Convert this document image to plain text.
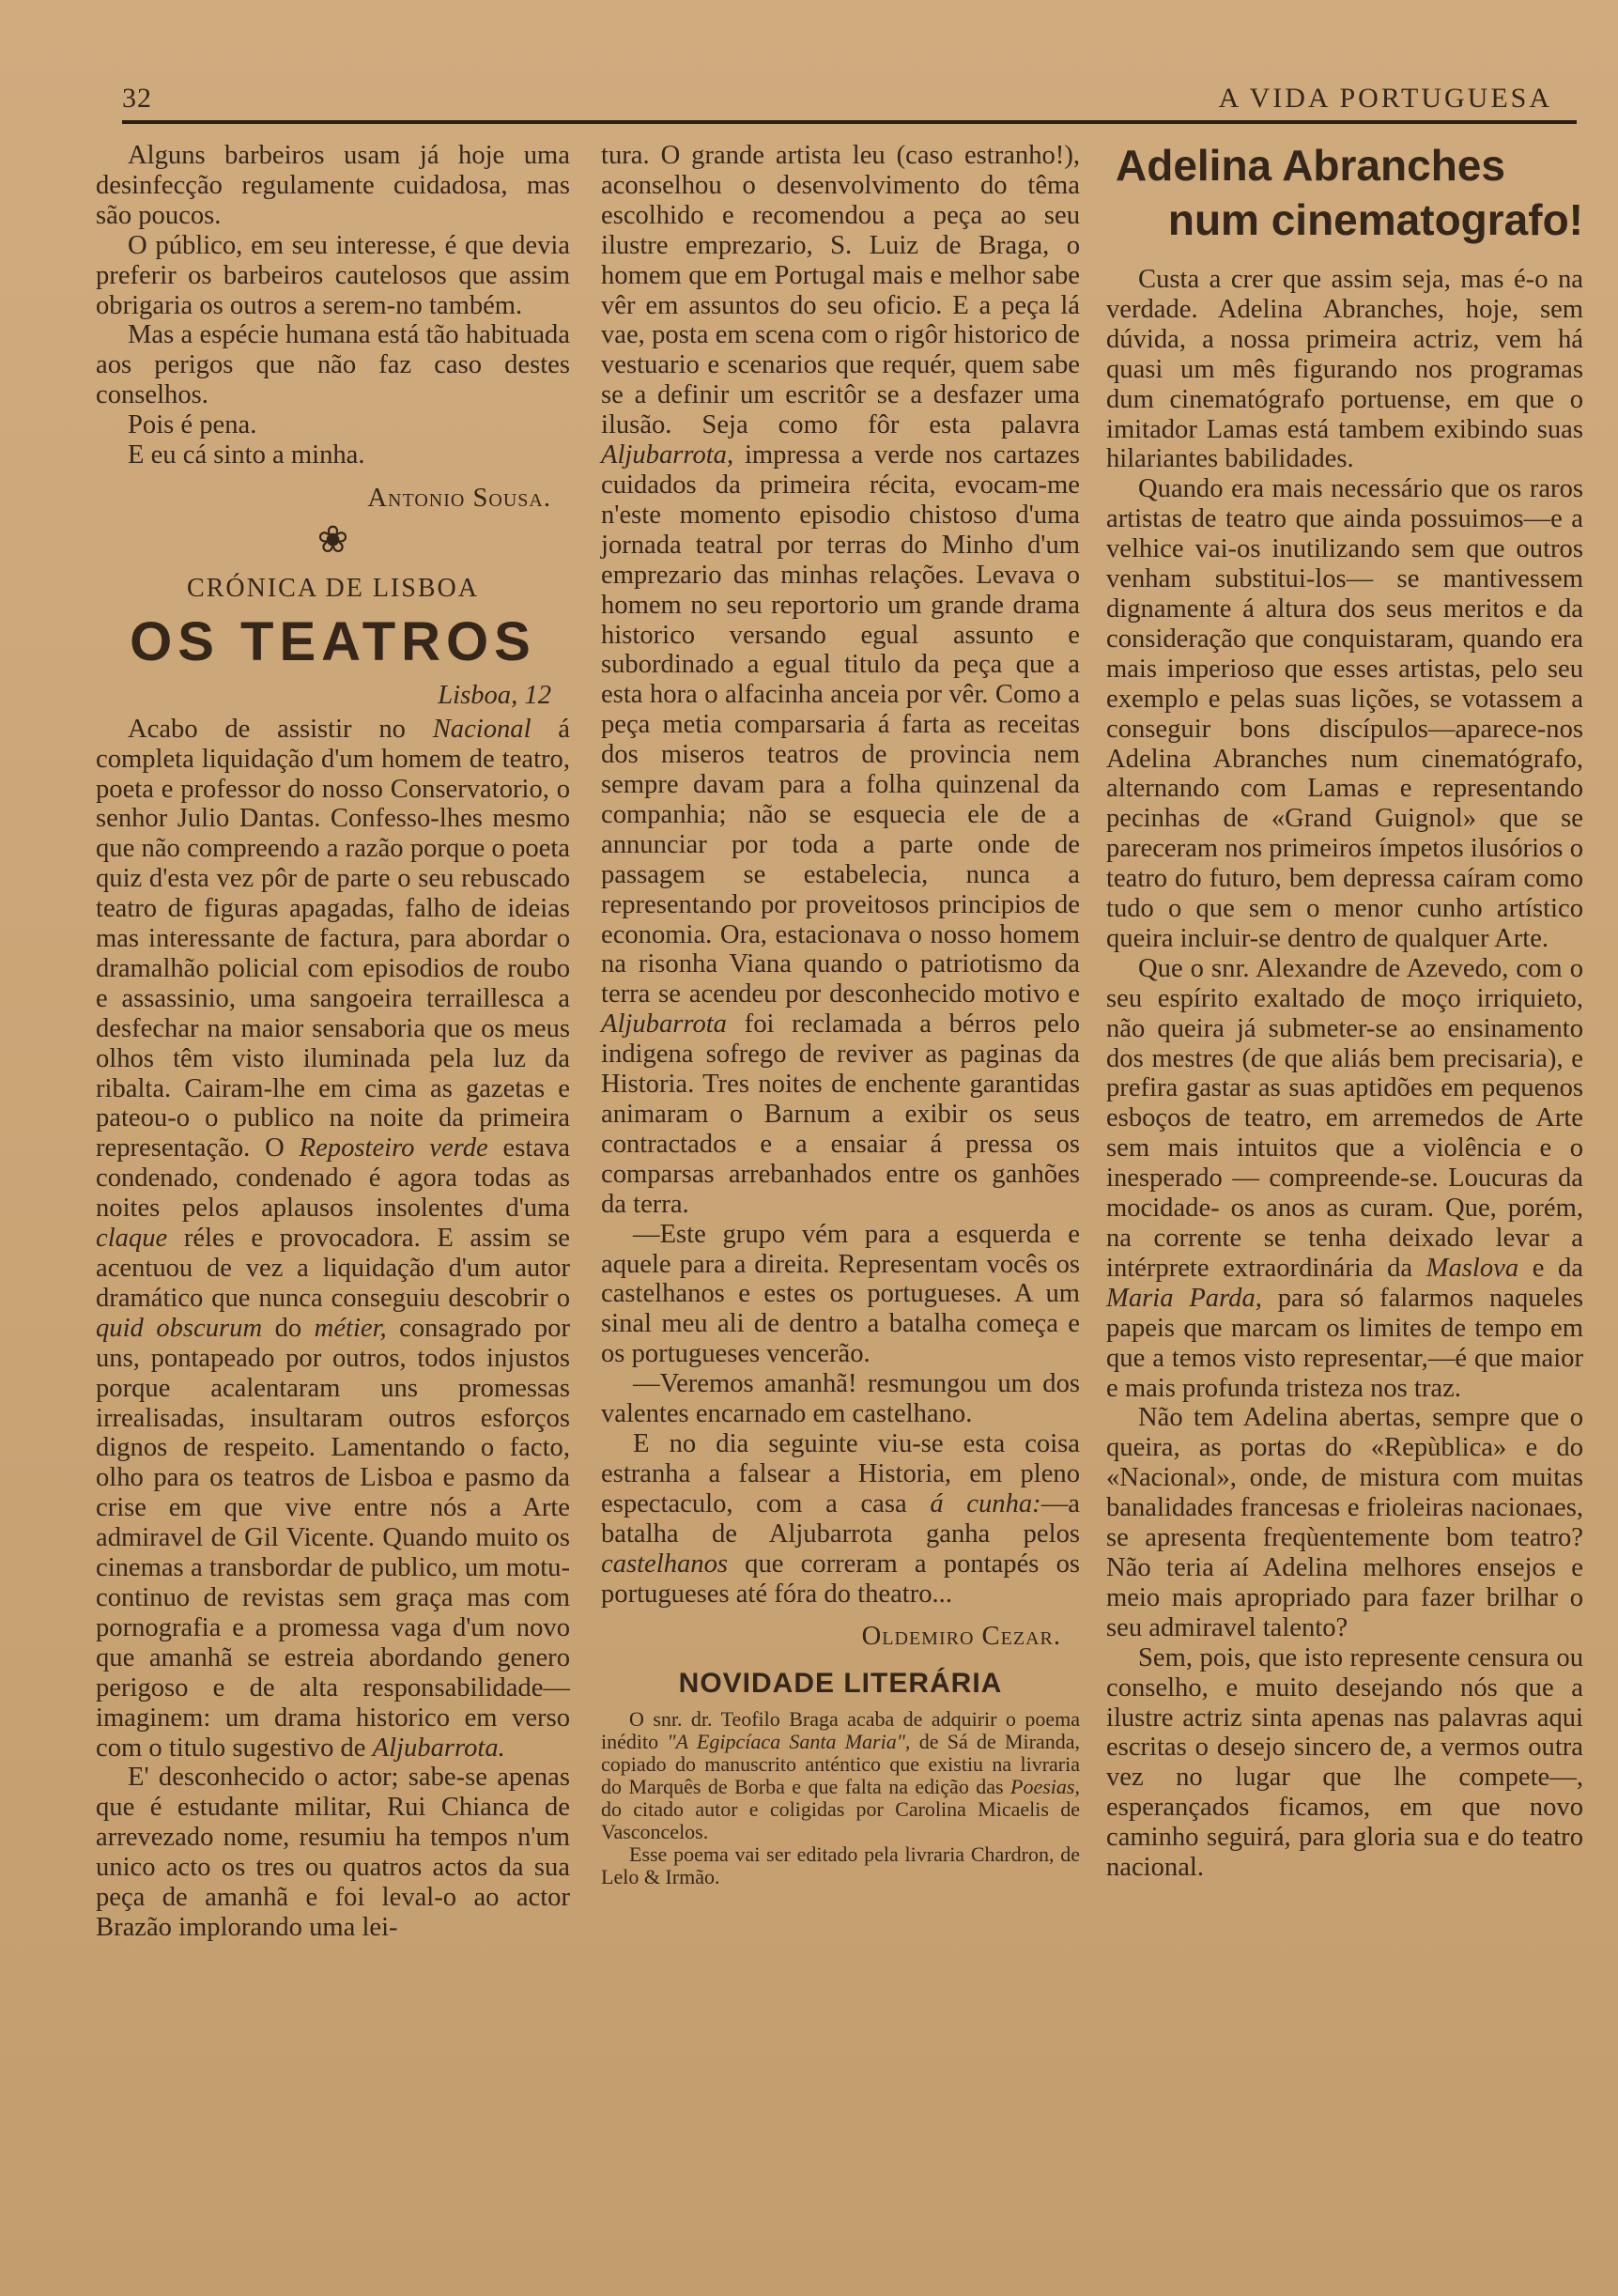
32	A VIDA PORTUGUESA

Alguns barbeiros usam já hoje uma desinfecção regulamente cuidadosa, mas são poucos.

O público, em seu interesse, é que devia preferir os barbeiros cautelosos que assim obrigaria os outros a serem-no também.

Mas a espécie humana está tão habituada aos perigos que não faz caso destes conselhos.

Pois é pena.

E eu cá sinto a minha.

Antonio Sousa.

❀
CRÓNICA DE LISBOA
OS TEATROS

Lisboa, 12

Acabo de assistir no Nacional á completa liquidação d'um homem de teatro, poeta e professor do nosso Conservatorio, o senhor Julio Dantas. Confesso-lhes mesmo que não compreendo a razão porque o poeta quiz d'esta vez pôr de parte o seu rebuscado teatro de figuras apagadas, falho de ideias mas interessante de factura, para abordar o dramalhão policial com episodios de roubo e assassinio, uma sangoeira terraillesca a desfechar na maior sensaboria que os meus olhos têm visto iluminada pela luz da ribalta. Cairam-lhe em cima as gazetas e pateou-o o publico na noite da primeira representação. O Reposteiro verde estava condenado, condenado é agora todas as noites pelos aplausos insolentes d'uma claque réles e provocadora. E assim se acentuou de vez a liquidação d'um autor dramático que nunca conseguiu descobrir o quid obscurum do métier, consagrado por uns, pontapeado por outros, todos injustos porque acalentaram uns promessas irrealisadas, insultaram outros esforços dignos de respeito. Lamentando o facto, olho para os teatros de Lisboa e pasmo da crise em que vive entre nós a Arte admiravel de Gil Vicente. Quando muito os cinemas a transbordar de publico, um motu-continuo de revistas sem graça mas com pornografia e a promessa vaga d'um novo que amanhã se estreia abordando genero perigoso e de alta responsabilidade—imaginem: um drama historico em verso com o titulo sugestivo de Aljubarrota.

E' desconhecido o actor; sabe-se apenas que é estudante militar, Rui Chianca de arrevezado nome, resumiu ha tempos n'um unico acto os tres ou quatros actos da sua peça de amanhã e foi leval-o ao actor Brazão implorando uma lei-

tura. O grande artista leu (caso estranho!), aconselhou o desenvolvimento do têma escolhido e recomendou a peça ao seu ilustre emprezario, S. Luiz de Braga, o homem que em Portugal mais e melhor sabe vêr em assuntos do seu oficio. E a peça lá vae, posta em scena com o rigôr historico de vestuario e scenarios que requér, quem sabe se a definir um escritôr se a desfazer uma ilusão. Seja como fôr esta palavra Aljubarrota, impressa a verde nos cartazes cuidados da primeira récita, evocam-me n'este momento episodio chistoso d'uma jornada teatral por terras do Minho d'um emprezario das minhas relações. Levava o homem no seu reportorio um grande drama historico versando egual assunto e subordinado a egual titulo da peça que a esta hora o alfacinha anceia por vêr. Como a peça metia comparsaria á farta as receitas dos miseros teatros de provincia nem sempre davam para a folha quinzenal da companhia; não se esquecia ele de a annunciar por toda a parte onde de passagem se estabelecia, nunca a representando por proveitosos principios de economia. Ora, estacionava o nosso homem na risonha Viana quando o patriotismo da terra se acendeu por desconhecido motivo e Aljubarrota foi reclamada a bérros pelo indigena sofrego de reviver as paginas da Historia. Tres noites de enchente garantidas animaram o Barnum a exibir os seus contractados e a ensaiar á pressa os comparsas arrebanhados entre os ganhões da terra.

—Este grupo vém para a esquerda e aquele para a direita. Representam vocês os castelhanos e estes os portugueses. A um sinal meu ali de dentro a batalha começa e os portugueses vencerão.

—Veremos amanhã! resmungou um dos valentes encarnado em castelhano.

E no dia seguinte viu-se esta coisa estranha a falsear a Historia, em pleno espectaculo, com a casa á cunha:—a batalha de Aljubarrota ganha pelos castelhanos que correram a pontapés os portugueses até fóra do theatro...

Oldemiro Cezar.

NOVIDADE LITERÁRIA

O snr. dr. Teofilo Braga acaba de adquirir o poema inédito "A Egipcíaca Santa Maria", de Sá de Miranda, copiado do manuscrito anténtico que existiu na livraria do Marquês de Borba e que falta na edição das Poesias, do citado autor e coligidas por Carolina Micaelis de Vasconcelos.

Esse poema vai ser editado pela livraria Chardron, de Lelo & Irmão.

Adelina Abranches
num cinematografo!

Custa a crer que assim seja, mas é-o na verdade. Adelina Abranches, hoje, sem dúvida, a nossa primeira actriz, vem há quasi um mês figurando nos programas dum cinematógrafo portuense, em que o imitador Lamas está tambem exibindo suas hilariantes babilidades.

Quando era mais necessário que os raros artistas de teatro que ainda possuimos—e a velhice vai-os inutilizando sem que outros venham substitui-los— se mantivessem dignamente á altura dos seus meritos e da consideração que conquistaram, quando era mais imperioso que esses artistas, pelo seu exemplo e pelas suas lições, se votassem a conseguir bons discípulos—aparece-nos Adelina Abranches num cinematógrafo, alternando com Lamas e representando pecinhas de «Grand Guignol» que se pareceram nos primeiros ímpetos ilusórios o teatro do futuro, bem depressa caíram como tudo o que sem o menor cunho artístico queira incluir-se dentro de qualquer Arte.

Que o snr. Alexandre de Azevedo, com o seu espírito exaltado de moço irriquieto, não queira já submeter-se ao ensinamento dos mestres (de que aliás bem precisaria), e prefira gastar as suas aptidões em pequenos esboços de teatro, em arremedos de Arte sem mais intuitos que a violência e o inesperado — compreende-se. Loucuras da mocidade- os anos as curam. Que, porém, na corrente se tenha deixado levar a intérprete extraordinária da Maslova e da Maria Parda, para só falarmos naqueles papeis que marcam os limites de tempo em que a temos visto representar,—é que maior e mais profunda tristeza nos traz.

Não tem Adelina abertas, sempre que o queira, as portas do «Repùblica» e do «Nacional», onde, de mistura com muitas banalidades francesas e frioleiras nacionaes, se apresenta freqùentemente bom teatro? Não teria aí Adelina melhores ensejos e meio mais apropriado para fazer brilhar o seu admiravel talento?

Sem, pois, que isto represente censura ou conselho, e muito desejando nós que a ilustre actriz sinta apenas nas palavras aqui escritas o desejo sincero de, a vermos outra vez no lugar que lhe compete—, esperançados ficamos, em que novo caminho seguirá, para gloria sua e do teatro nacional.
